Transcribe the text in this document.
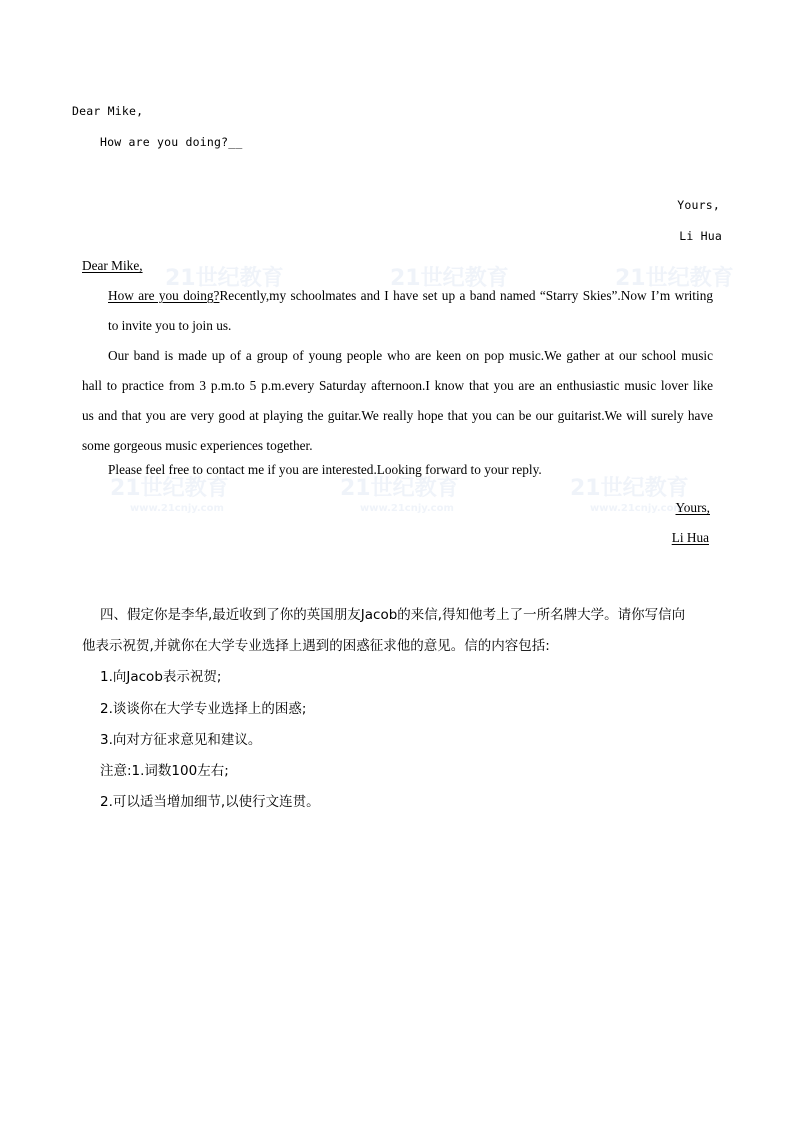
Dear Mike,
How are you doing?__
Yours,
Li Hua
21世纪教育	21世纪教育	21世纪教育
21世纪教育	21世纪教育	21世纪教育
www.21cnjy.com	www.21cnjy.com	www.21cnjy.com
Dear Mike,
How are you doing?Recently,my schoolmates and I have set up a band named “Starry Skies”.Now I’m writing
to invite you to join us.
Our band is made up of a group of young people who are keen on pop music.We gather at our school music
hall to practice from 3 p.m.to 5 p.m.every Saturday afternoon.I know that you are an enthusiastic music lover like
us and that you are very good at playing the guitar.We really hope that you can be our guitarist.We will surely have
some gorgeous music experiences together.
Please feel free to contact me if you are interested.Looking forward to your reply.
Yours,
Li Hua
四、假定你是李华,最近收到了你的英国朋友Jacob的来信,得知他考上了一所名牌大学。请你写信向
他表示祝贺,并就你在大学专业选择上遇到的困惑征求他的意见。信的内容包括:
1.向Jacob表示祝贺;
2.谈谈你在大学专业选择上的困惑;
3.向对方征求意见和建议。
注意:1.词数100左右;
2.可以适当增加细节,以使行文连贯。
